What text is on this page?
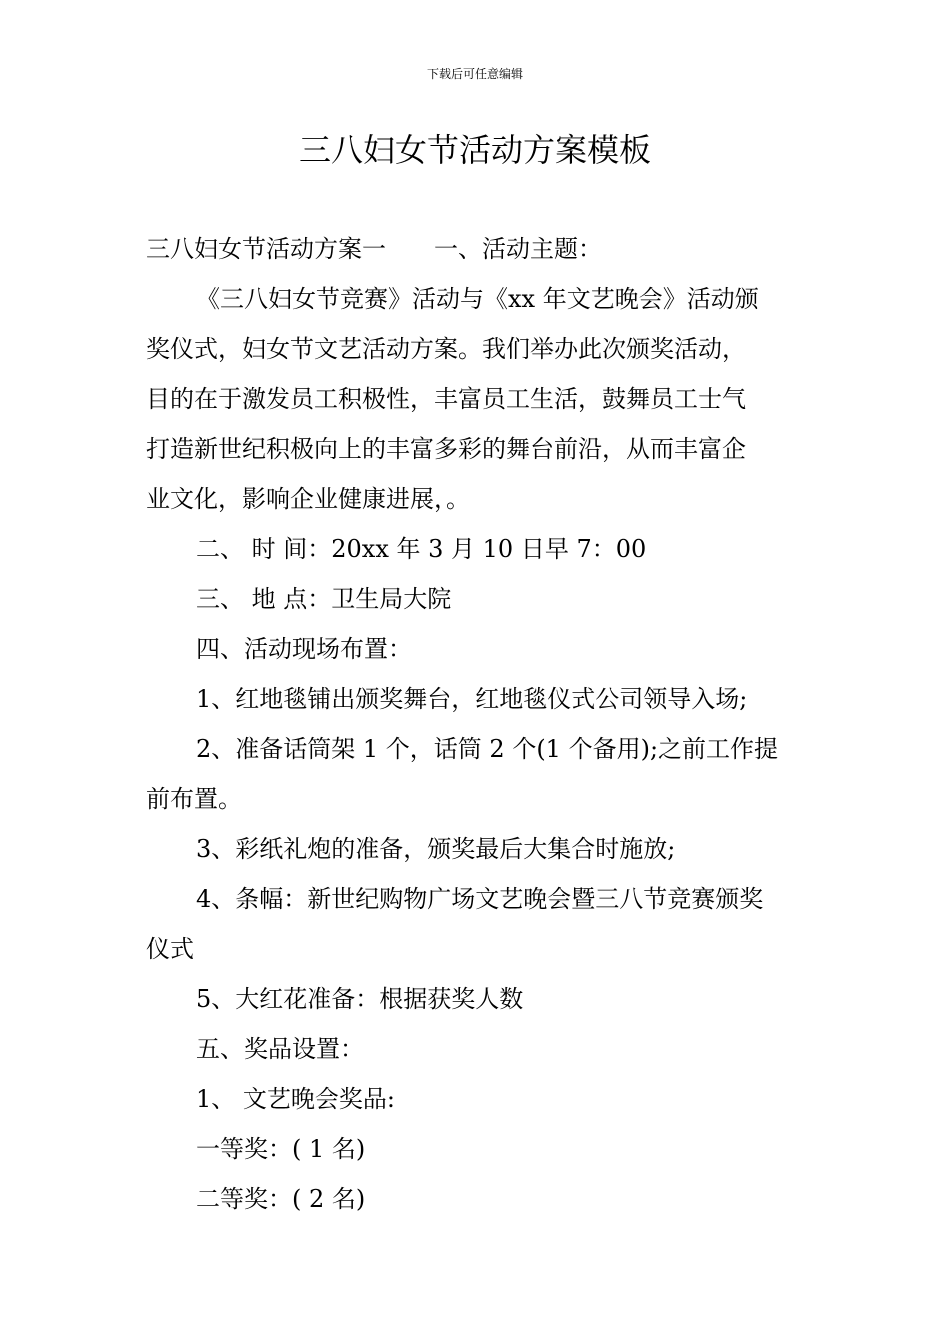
下载后可任意编辑
三八妇女节活动方案模板

三八妇女节活动方案一 一、活动主题：

《三八妇女节竞赛》活动与《xx 年文艺晚会》活动颁

奖仪式，妇女节文艺活动方案。我们举办此次颁奖活动，

目的在于激发员工积极性，丰富员工生活，鼓舞员工士气

打造新世纪积极向上的丰富多彩的舞台前沿，从而丰富企

业文化，影响企业健康进展，。

二、 时 间：20xx 年 3 月 10 日早 7：00

三、 地 点：卫生局大院

四、活动现场布置：

1、红地毯铺出颁奖舞台，红地毯仪式公司领导入场;

2、准备话筒架 1 个，话筒 2 个(1 个备用);之前工作提

前布置。

3、彩纸礼炮的准备，颁奖最后大集合时施放;

4、条幅：新世纪购物广场文艺晚会暨三八节竞赛颁奖

仪式

5、大红花准备：根据获奖人数

五、奖品设置：

1、 文艺晚会奖品:

一等奖：( 1 名)

二等奖：( 2 名)
